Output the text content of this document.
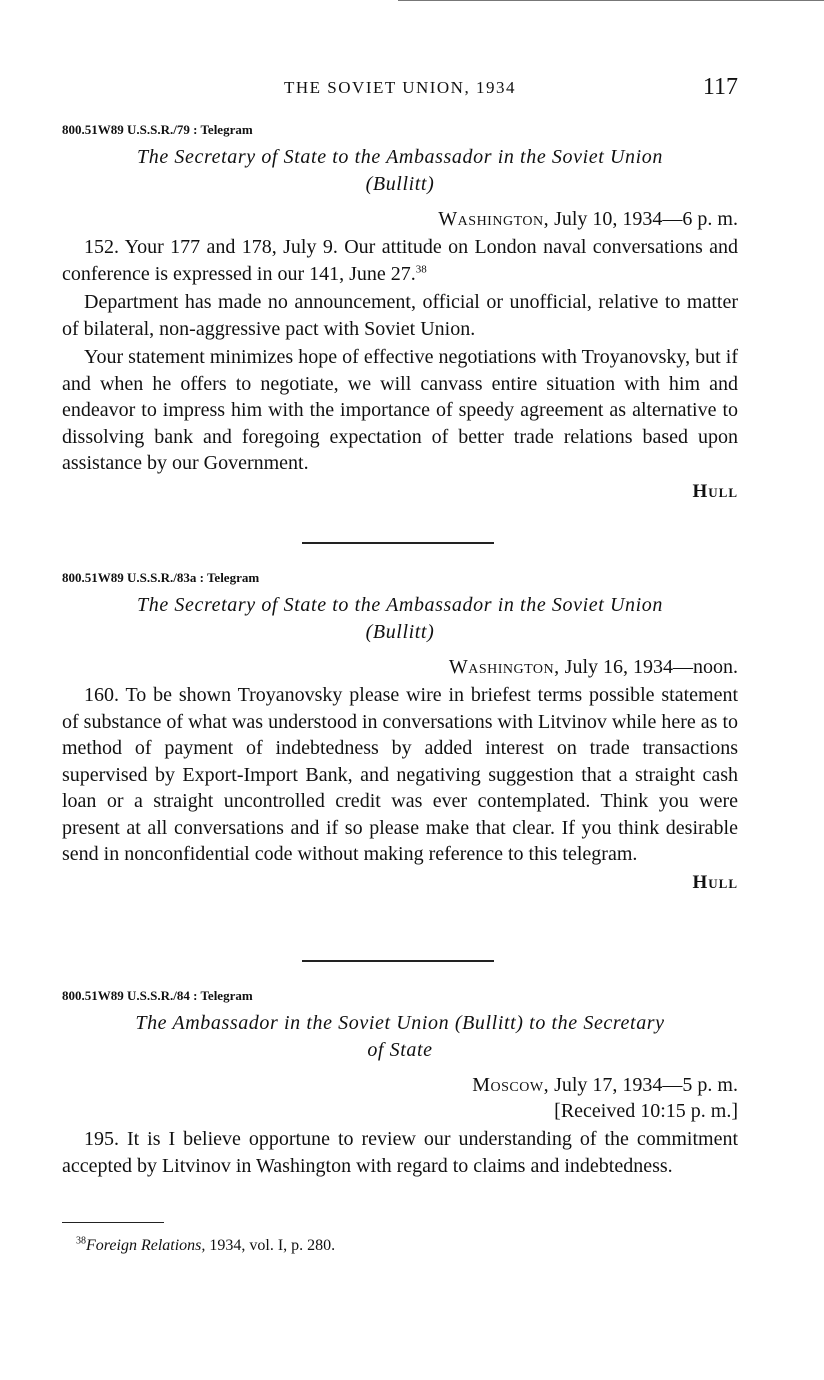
THE SOVIET UNION, 1934	117

800.51W89 U.S.S.R./79 : Telegram

The Secretary of State to the Ambassador in the Soviet Union
(Bullitt)

Washington, July 10, 1934—6 p. m.

152. Your 177 and 178, July 9. Our attitude on London naval conversations and conference is expressed in our 141, June 27.38

Department has made no announcement, official or unofficial, relative to matter of bilateral, non-aggressive pact with Soviet Union.

Your statement minimizes hope of effective negotiations with Troyanovsky, but if and when he offers to negotiate, we will canvass entire situation with him and endeavor to impress him with the importance of speedy agreement as alternative to dissolving bank and foregoing expectation of better trade relations based upon assistance by our Government.

Hull

800.51W89 U.S.S.R./83a : Telegram

The Secretary of State to the Ambassador in the Soviet Union
(Bullitt)

Washington, July 16, 1934—noon.

160. To be shown Troyanovsky please wire in briefest terms possible statement of substance of what was understood in conversations with Litvinov while here as to method of payment of indebtedness by added interest on trade transactions supervised by Export-Import Bank, and negativing suggestion that a straight cash loan or a straight uncontrolled credit was ever contemplated. Think you were present at all conversations and if so please make that clear. If you think desirable send in nonconfidential code without making reference to this telegram.

Hull

800.51W89 U.S.S.R./84 : Telegram

The Ambassador in the Soviet Union (Bullitt) to the Secretary
of State

Moscow, July 17, 1934—5 p. m.

[Received 10:15 p. m.]

195. It is I believe opportune to review our understanding of the commitment accepted by Litvinov in Washington with regard to claims and indebtedness.

$^{38}$Foreign Relations, 1934, vol. I, p. 280.
